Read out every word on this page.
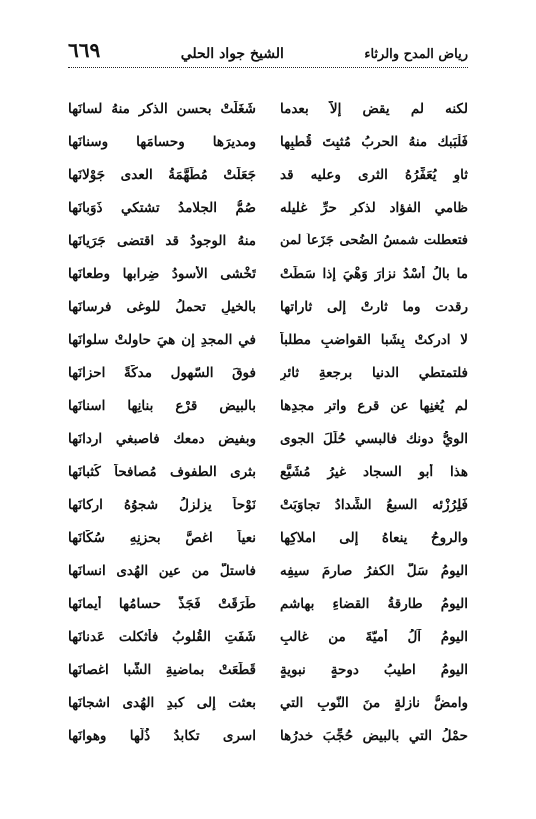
رياض المدح والرثاء
الشيخ جواد الحلي
٦٦٩
لكنه لم يقض إلاّ بعدما
شَغَلَتْ بحسنِ الذكر منهُ لسانَها
فَلْبَبك منهُ الحربُ مُثبِتَ قُطبِها
ومديرَها وحسامَها وسنانَها
ثاوٍ يُعَفِّرُهُ الثرى وعليه قد
جَعَلَتْ مُطَهَّمَةُ العدى جَوْلانَها
ظامي الفؤاد لذكرِ حرِّ غليله
صُمُّ الجلامدُ تشتكي ذَوَبانَها
فتعطلت شمسُ الضُحى جَزَعاً لمن
منهُ الوجودُ قد اقتضى جَرَيانَها
ما بالُ أُسْدُ نزارَ وَهْيَ إذا سَطَتْ
تَخْشى الأسودُ ضِرابها وطعانَها
رقدت وما ثارتْ إلى ثاراتها
بالخيلِ تحملُ للوغى فرسانَها
لا ادركتْ بِشَبا القواضبِ مطلباً
في المجدِ إن هيَ حاولتْ سلوانَها
فلتمتطي الدنيا برجعةِ ثائرٍ
فوقَ السّهول مدكّةً احزانَها
لم يُغنِها عن قرعِ واترِ مجدِها
بالبيضِ قرْعِ بنانِها اسنانَها
الويُّ دونك فالبسي حُلَلَ الجوى
وبفيضِ دمعك فاصبغي اردانَها
هذا أبو السجاد غيرُ مُشَيَّعٍ
بثرى الطفوف مُصافحاً كُثبانَها
فَلِرُزْئه السبعُ الشِّدادُ تجاوَبَتْ
نَوْحاً يزلزلُ شجوُهُ اركانَها
والروحُ ينعاهُ إلى املاكِها
نعياً اغصَّ بحزنِهِ سُكّانَها
اليومُ سَلَّ الكفرُ صارمَ سيفِه
فاستلَّ من عينِ الهُدى انسانَها
اليومُ طارقةُ القضاءِ بهاشمٍ
طَرَقَتْ فَجَذَّ حسامُها أيمانَها
اليومُ آلُ أميّةَ من غالبٍ
شَفَتِ القُلوبُ فأثكلت عَدنانَها
اليومُ اطيبُ دوحةٍ نبويةٍ
قَطَعَتْ بماضيةِ الشّبا اغصانَها
وامضُّ نازلةٍ منَ النّوبِ التي
بعثت إلى كبدِ الهُدى اشجانَها
حمْلُ التي بالبيضِ حُجِّبَ خدرُها
اسرى تكابدُ ذُلَّها وهوانَها
